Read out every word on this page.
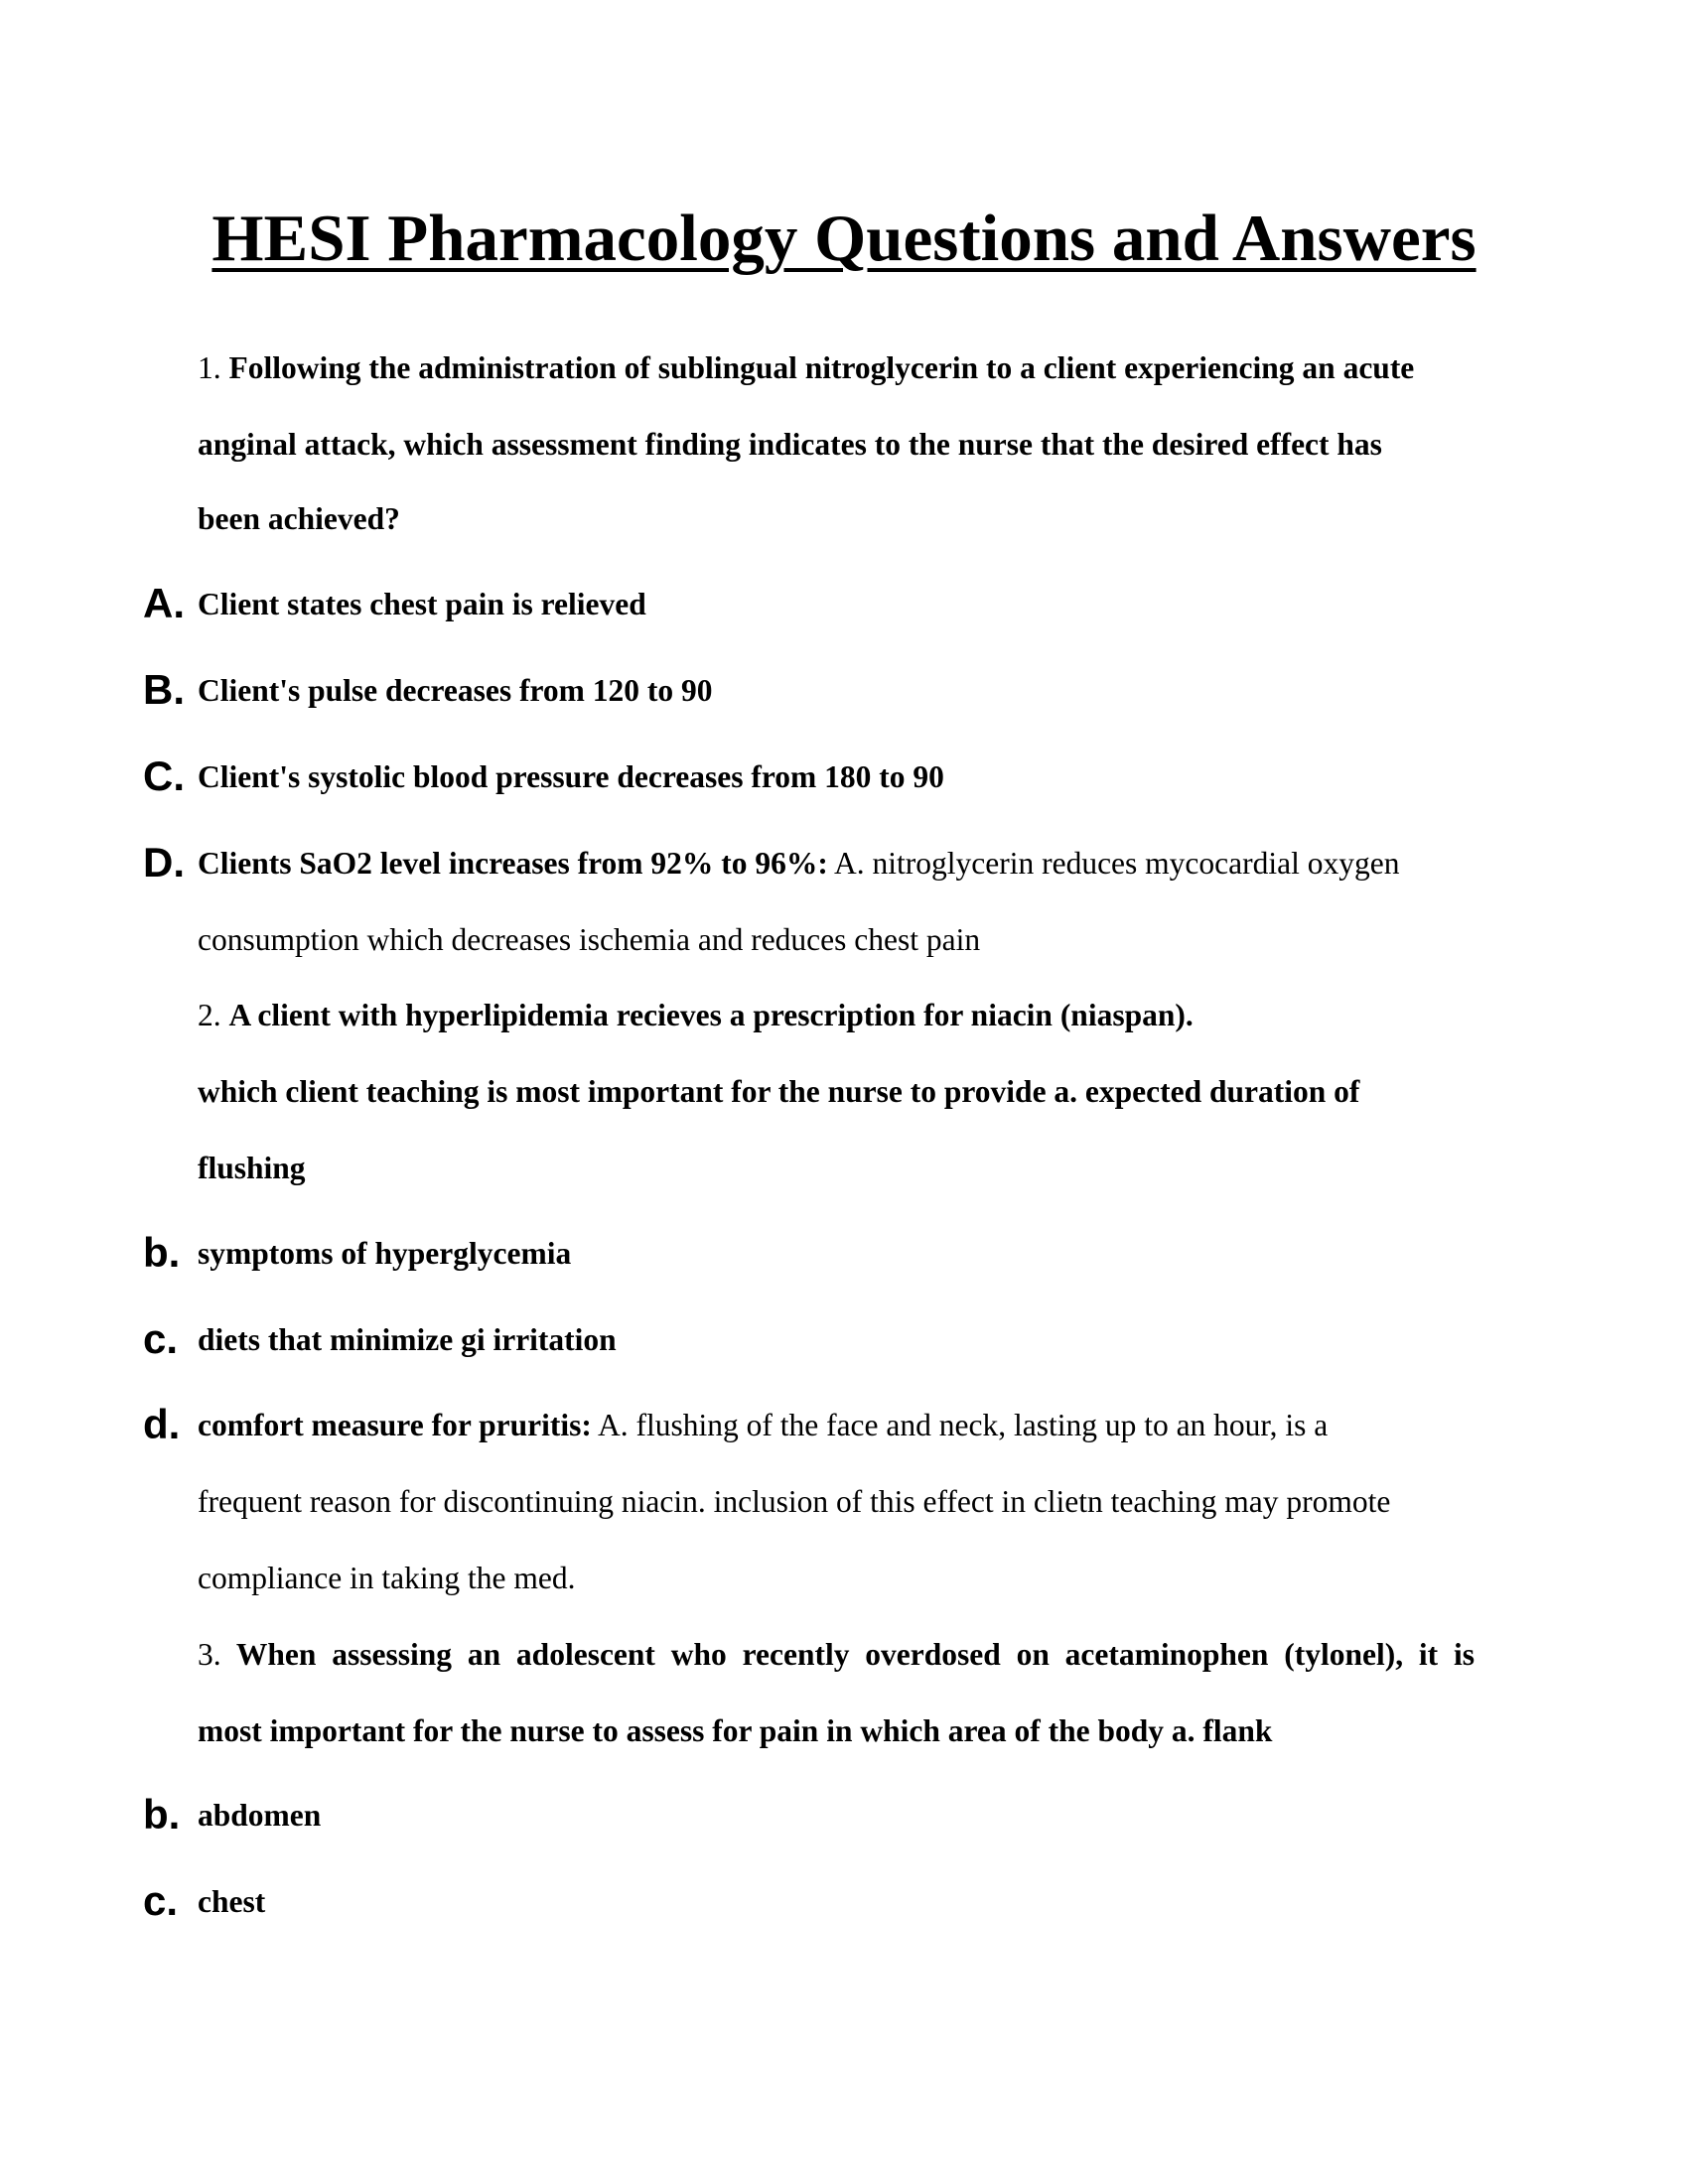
HESI Pharmacology Questions and Answers
1. Following the administration of sublingual nitroglycerin to a client experiencing an acute
anginal attack, which assessment finding indicates to the nurse that the desired effect has
been achieved?
A. Client states chest pain is relieved
B. Client's pulse decreases from 120 to 90
C. Client's systolic blood pressure decreases from 180 to 90
D. Clients SaO2 level increases from 92% to 96%: A. nitroglycerin reduces mycocardial oxygen
consumption which decreases ischemia and reduces chest pain
2. A client with hyperlipidemia recieves a prescription for niacin (niaspan).
which client teaching is most important for the nurse to provide a. expected duration of
flushing
b. symptoms of hyperglycemia
c. diets that minimize gi irritation
d. comfort measure for pruritis: A. flushing of the face and neck, lasting up to an hour, is a
frequent reason for discontinuing niacin. inclusion of this effect in clietn teaching may promote
compliance in taking the med.
3. When assessing an adolescent who recently overdosed on acetaminophen (tylonel), it is
most important for the nurse to assess for pain in which area of the body a. flank
b. abdomen
c. chest
